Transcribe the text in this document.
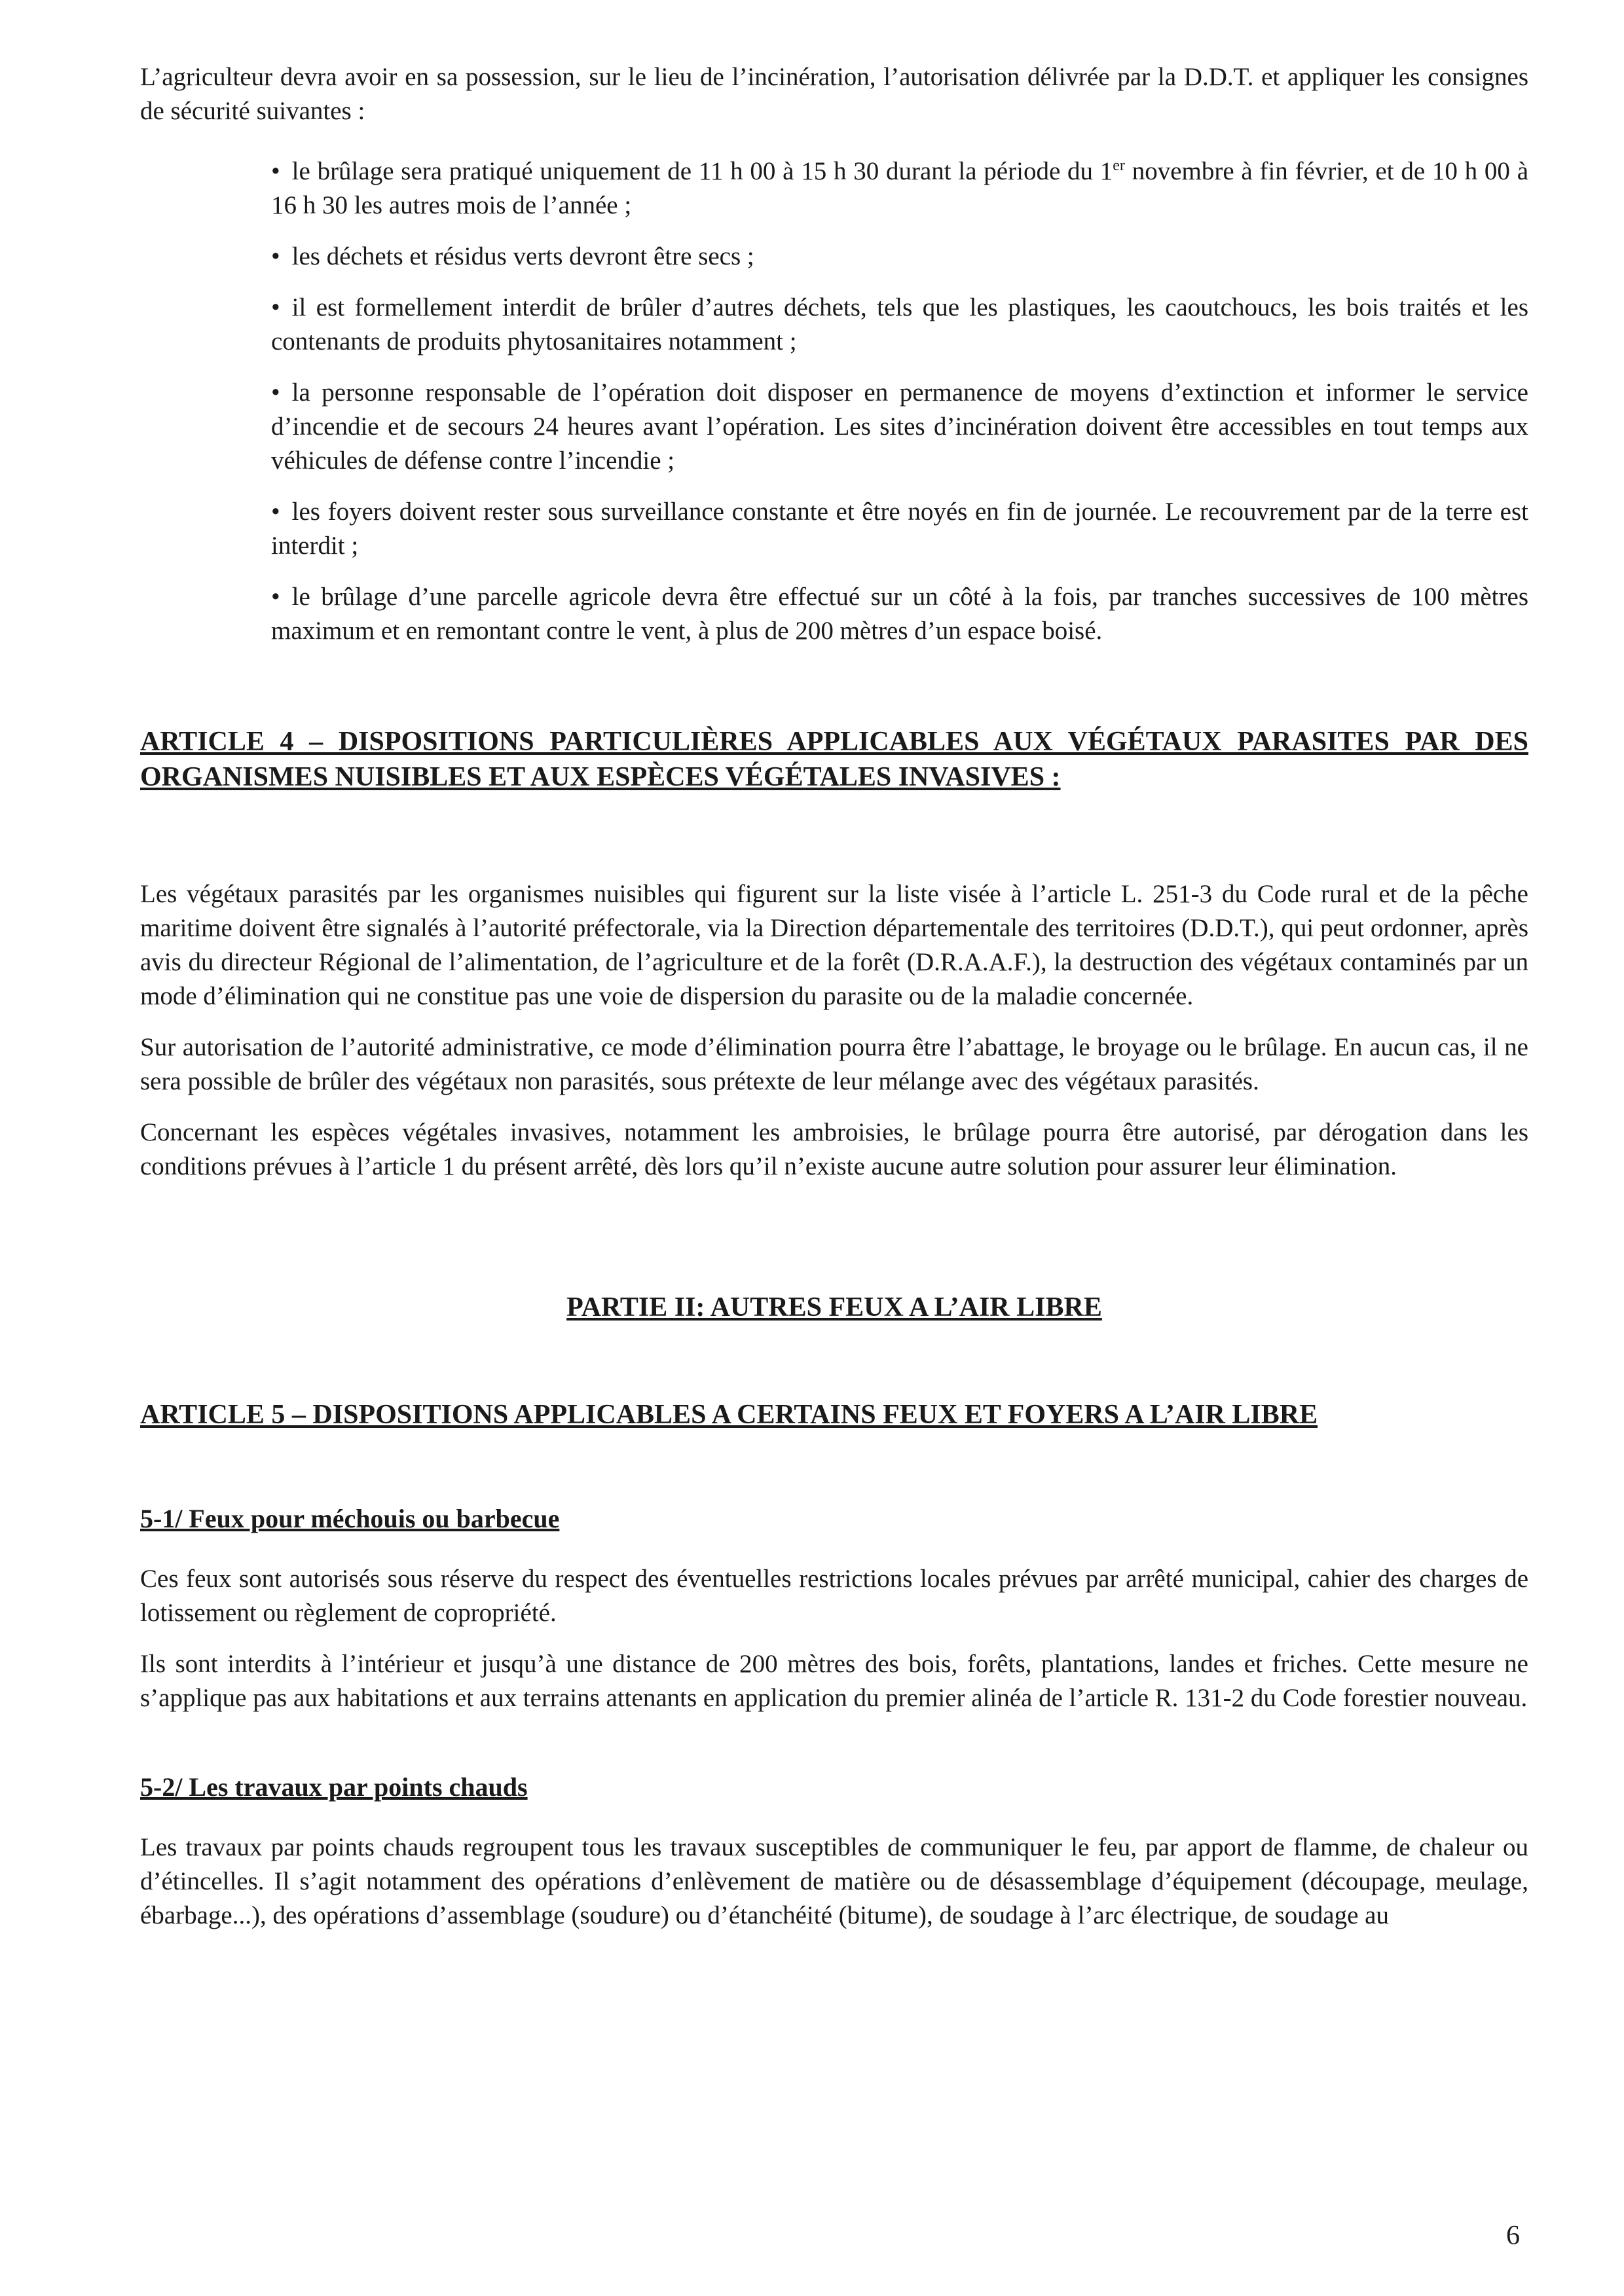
L’agriculteur devra avoir en sa possession, sur le lieu de l’incinération, l’autorisation délivrée par la D.D.T. et appliquer les consignes de sécurité suivantes :

• le brûlage sera pratiqué uniquement de 11 h 00 à 15 h 30 durant la période du 1er novembre à fin février, et de 10 h 00 à 16 h 30 les autres mois de l’année ;
• les déchets et résidus verts devront être secs ;
• il est formellement interdit de brûler d’autres déchets, tels que les plastiques, les caoutchoucs, les bois traités et les contenants de produits phytosanitaires notamment ;
• la personne responsable de l’opération doit disposer en permanence de moyens d’extinction et informer le service d’incendie et de secours 24 heures avant l’opération. Les sites d’incinération doivent être accessibles en tout temps aux véhicules de défense contre l’incendie ;
• les foyers doivent rester sous surveillance constante et être noyés en fin de journée. Le recouvrement par de la terre est interdit ;
• le brûlage d’une parcelle agricole devra être effectué sur un côté à la fois, par tranches successives de 100 mètres maximum et en remontant contre le vent, à plus de 200 mètres d’un espace boisé.
ARTICLE 4 – DISPOSITIONS PARTICULIÈRES APPLICABLES AUX VÉGÉTAUX PARASITES PAR DES ORGANISMES NUISIBLES ET AUX ESPÈCES VÉGÉTALES INVASIVES :

Les végétaux parasités par les organismes nuisibles qui figurent sur la liste visée à l’article L. 251-3 du Code rural et de la pêche maritime doivent être signalés à l’autorité préfectorale, via la Direction départementale des territoires (D.D.T.), qui peut ordonner, après avis du directeur Régional de l’alimentation, de l’agriculture et de la forêt (D.R.A.A.F.), la destruction des végétaux contaminés par un mode d’élimination qui ne constitue pas une voie de dispersion du parasite ou de la maladie concernée.

Sur autorisation de l’autorité administrative, ce mode d’élimination pourra être l’abattage, le broyage ou le brûlage. En aucun cas, il ne sera possible de brûler des végétaux non parasités, sous prétexte de leur mélange avec des végétaux parasités.

Concernant les espèces végétales invasives, notamment les ambroisies, le brûlage pourra être autorisé, par dérogation dans les conditions prévues à l’article 1 du présent arrêté, dès lors qu’il n’existe aucune autre solution pour assurer leur élimination.

PARTIE II: AUTRES FEUX A L’AIR LIBRE
ARTICLE 5 – DISPOSITIONS APPLICABLES A CERTAINS FEUX ET FOYERS A L’AIR LIBRE
5-1/ Feux pour méchouis ou barbecue

Ces feux sont autorisés sous réserve du respect des éventuelles restrictions locales prévues par arrêté municipal, cahier des charges de lotissement ou règlement de copropriété.

Ils sont interdits à l’intérieur et jusqu’à une distance de 200 mètres des bois, forêts, plantations, landes et friches. Cette mesure ne s’applique pas aux habitations et aux terrains attenants en application du premier alinéa de l’article R. 131-2 du Code forestier nouveau.

5-2/ Les travaux par points chauds

Les travaux par points chauds regroupent tous les travaux susceptibles de communiquer le feu, par apport de flamme, de chaleur ou d’étincelles. Il s’agit notamment des opérations d’enlèvement de matière ou de désassemblage d’équipement (découpage, meulage, ébarbage...), des opérations d’assemblage (soudure) ou d’étanchéité (bitume), de soudage à l’arc électrique, de soudage au

6
